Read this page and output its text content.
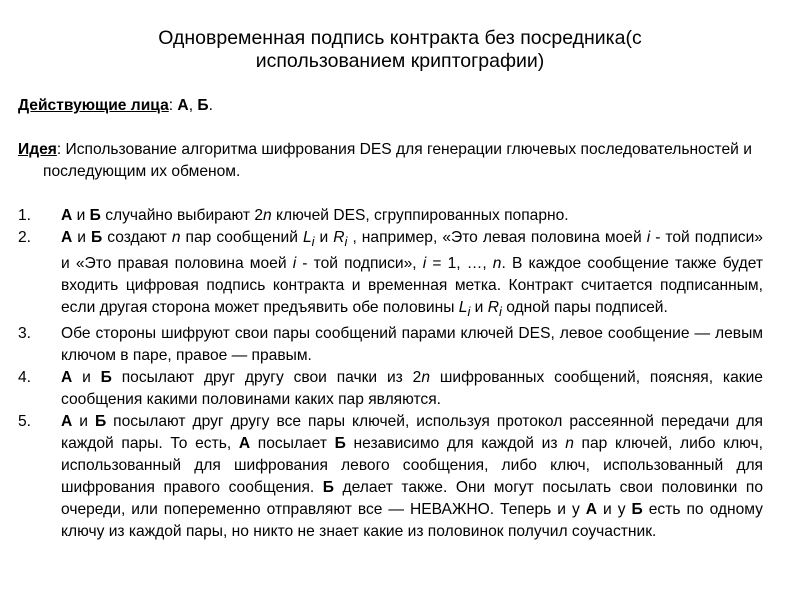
Одновременная подпись контракта без посредника(с
использованием криптографии)

Действующие лица: А, Б.

Идея: Использование алгоритма шифрования DES для генерации глючевых последовательностей и последующим их обменом.

1. А и Б случайно выбирают 2n ключей DES, сгруппированных попарно.
2. А и Б создают n пар сообщений $L_i$ и $R_i$ , например, «Это левая половина моей i - той подписи» и «Это правая половина моей i - той подписи», i = 1, …, n. В каждое сообщение также будет входить цифровая подпись контракта и временная метка. Контракт считается подписанным, если другая сторона может предъявить обе половины $L_i$ и $R_i$ одной пары подписей.
3. Обе стороны шифруют свои пары сообщений парами ключей DES, левое сообщение — левым ключом в паре, правое — правым.
4. А и Б посылают друг другу свои пачки из 2n шифрованных сообщений, поясняя, какие сообщения какими половинами каких пар являются.
5. А и Б посылают друг другу все пары ключей, используя протокол рассеянной передачи для каждой пары. То есть, А посылает Б независимо для каждой из n пар ключей, либо ключ, использованный для шифрования левого сообщения, либо ключ, использованный для шифрования правого сообщения. Б делает также. Они могут посылать свои половинки по очереди, или попеременно отправляют все — НЕВАЖНО. Теперь и у А и у Б есть по одному ключу из каждой пары, но никто не знает какие из половинок получил соучастник.
